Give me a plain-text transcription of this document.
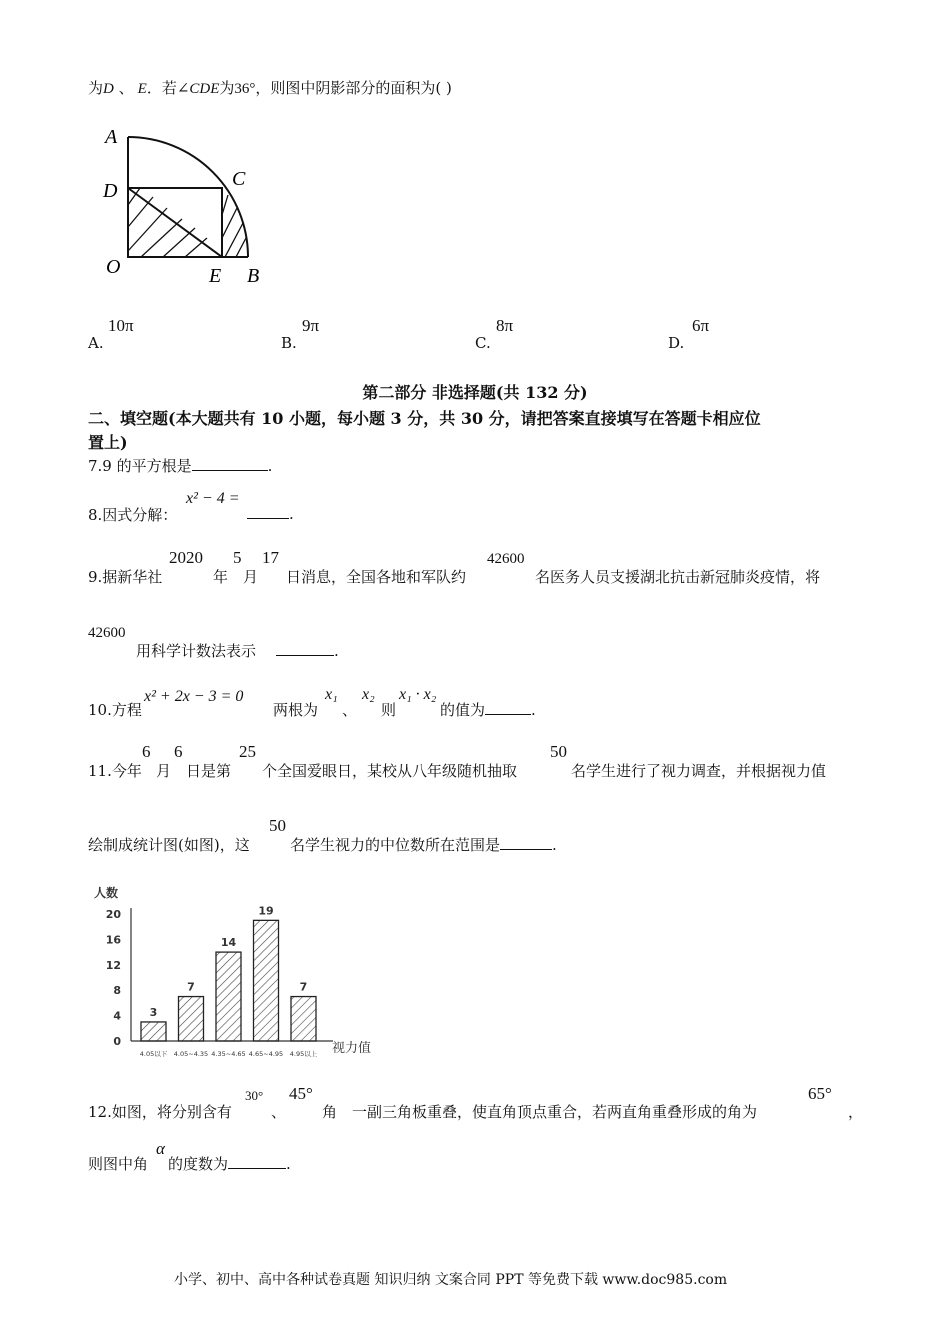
为D 、 E．若∠CDE为36°，则图中阴影部分的面积为( )
A
D
C
O	E B
A.
10π
B.
9π
C.
8π
D.
6π
第二部分 非选择题(共 132 分)
二、填空题(本大题共有 10 小题，每小题 3 分，共 30 分，请把答案直接填写在答题卡相应位
置上)
7.9 的平方根是	.
8.因式分解：
x² − 4 =
.
9.据新华社
2020
年
5
月
17
日消息，全国各地和军队约
42600
名医务人员支援湖北抗击新冠肺炎疫情，将
42600
用科学计数法表示	.
10.方程
x² + 2x − 3 = 0
两根为
x₁
、
x₂
则
x₁ · x₂
的值为	.
11.今年
6
月
6
日是第
25
个全国爱眼日，某校从八年级随机抽取
50
名学生进行了视力调查，并根据视力值
绘制成统计图(如图)，这
50
名学生视力的中位数所在范围是	.
人数
0
4
8
12
16
20
3
7
14
19
7
4.05以下 4.05~4.35 4.35~4.65 4.65~4.95 4.95以上 视力值
12.如图，将分别含有
30°
、
45°
角 一副三角板重叠，使直角顶点重合，若两直角重叠形成的角为
65°
，
则图中角
α
的度数为	.
小学、初中、高中各种试卷真题 知识归纳 文案合同 PPT 等免费下载 www.doc985.com
